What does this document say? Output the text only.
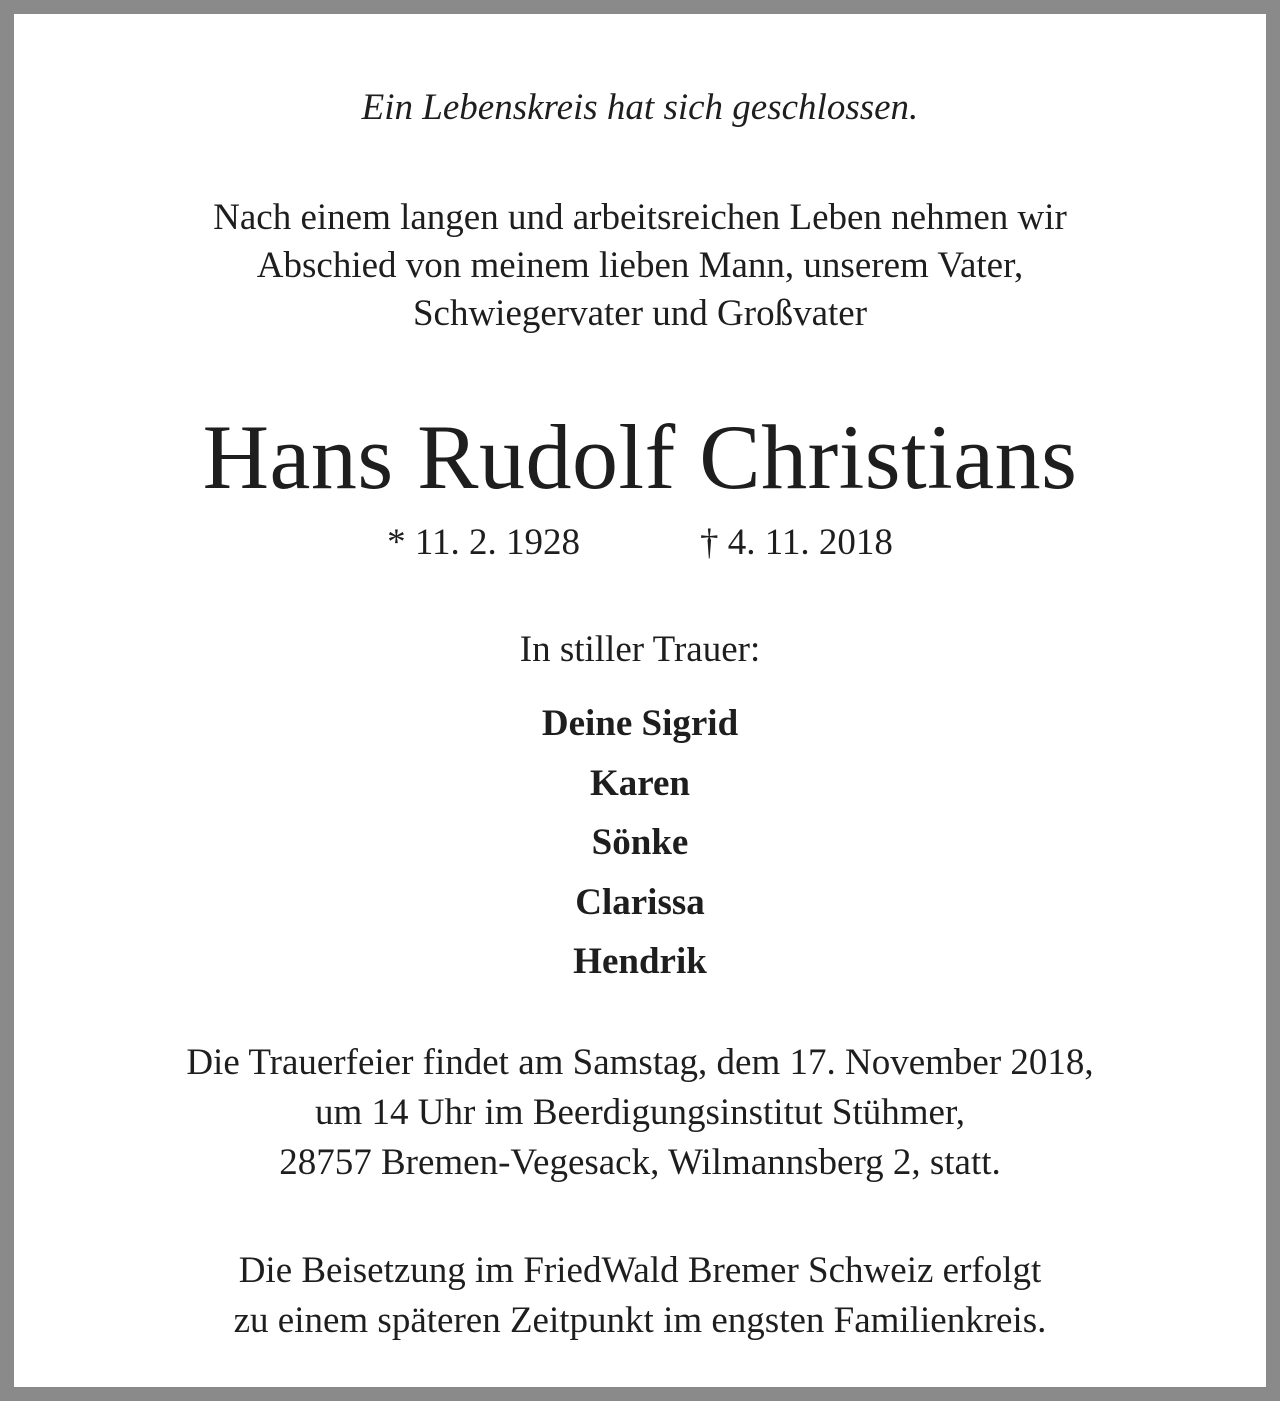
Ein Lebenskreis hat sich geschlossen.
Nach einem langen und arbeitsreichen Leben nehmen wir
Abschied von meinem lieben Mann, unserem Vater,
Schwiegervater und Großvater
Hans Rudolf Christians
* 11. 2. 1928	† 4. 11. 2018
In stiller Trauer:
Deine Sigrid
Karen
Sönke
Clarissa
Hendrik
Die Trauerfeier findet am Samstag, dem 17. November 2018,
um 14 Uhr im Beerdigungsinstitut Stühmer,
28757 Bremen-Vegesack, Wilmannsberg 2, statt.
Die Beisetzung im FriedWald Bremer Schweiz erfolgt
zu einem späteren Zeitpunkt im engsten Familienkreis.
